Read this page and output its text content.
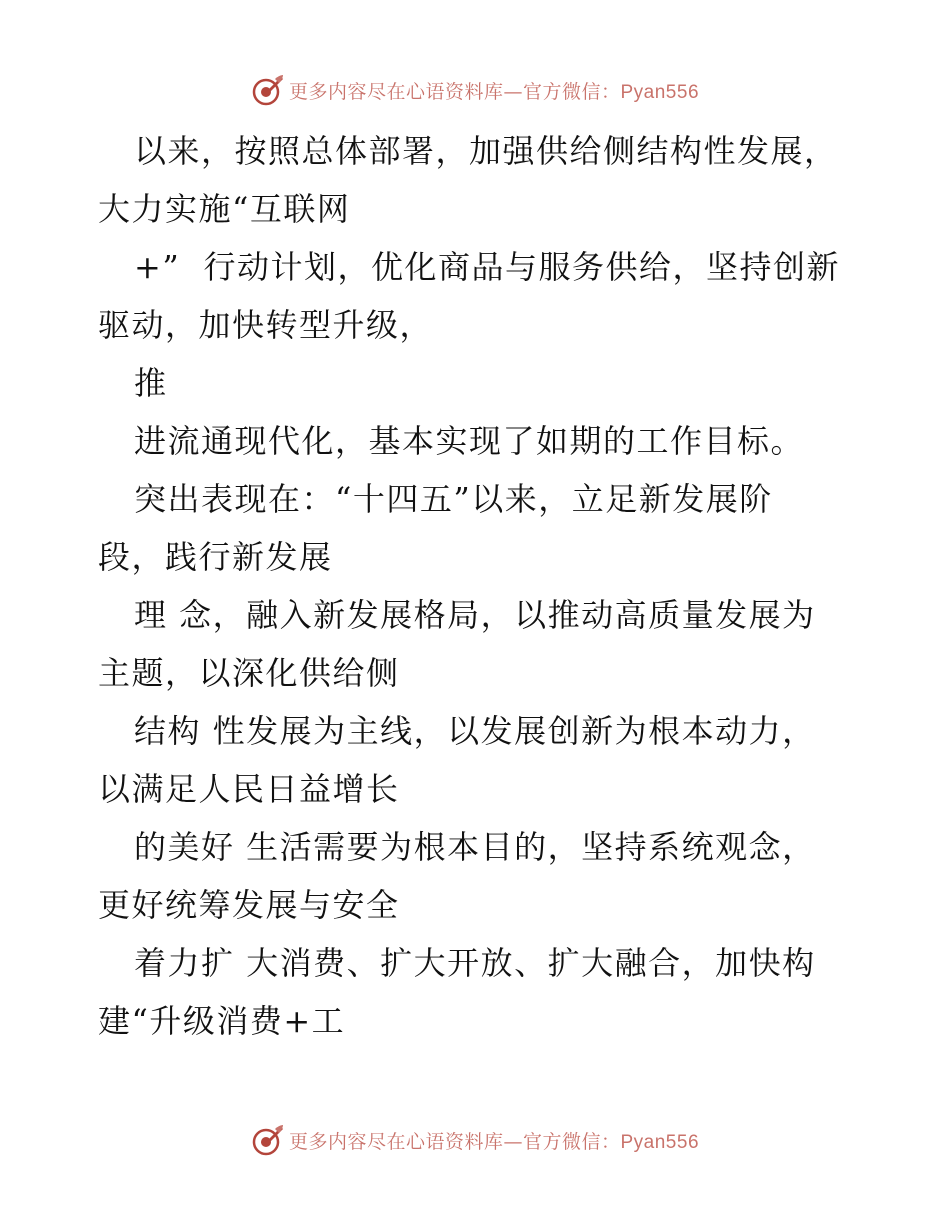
更多内容尽在心语资料库—官方微信：Pyan556
以来，按照总体部署，加强供给侧结构性发展，
大力实施“互联网
+”  行动计划，优化商品与服务供给，坚持创新
驱动，加快转型升级，
推
进流通现代化，基本实现了如期的工作目标。
突出表现在：“十四五”以来，立足新发展阶
段，践行新发展
理 念，融入新发展格局，以推动高质量发展为
主题，以深化供给侧
结构 性发展为主线，以发展创新为根本动力，
以满足人民日益增长
的美好 生活需要为根本目的，坚持系统观念，
更好统筹发展与安全
着力扩 大消费、扩大开放、扩大融合，加快构
建“升级消费+工
更多内容尽在心语资料库—官方微信：Pyan556
